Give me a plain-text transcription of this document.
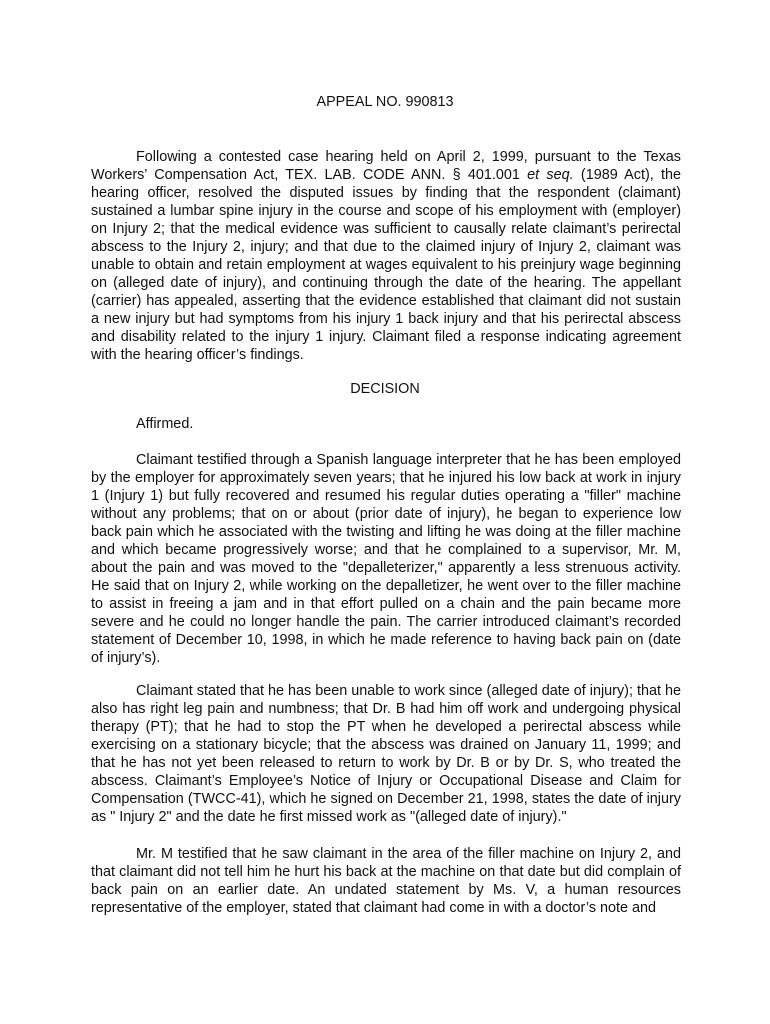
APPEAL NO. 990813

Following a contested case hearing held on April 2, 1999, pursuant to the Texas Workers’ Compensation Act, TEX. LAB. CODE ANN. § 401.001 et seq. (1989 Act), the hearing officer, resolved the disputed issues by finding that the respondent (claimant) sustained a lumbar spine injury in the course and scope of his employment with (employer) on Injury 2; that the medical evidence was sufficient to causally relate claimant’s perirectal abscess to the Injury 2, injury; and that due to the claimed injury of Injury 2, claimant was unable to obtain and retain employment at wages equivalent to his preinjury wage beginning on (alleged date of injury), and continuing through the date of the hearing. The appellant (carrier) has appealed, asserting that the evidence established that claimant did not sustain a new injury but had symptoms from his injury 1 back injury and that his perirectal abscess and disability related to the injury 1 injury. Claimant filed a response indicating agreement with the hearing officer’s findings.

DECISION

Affirmed.

Claimant testified through a Spanish language interpreter that he has been employed by the employer for approximately seven years; that he injured his low back at work in injury 1 (Injury 1) but fully recovered and resumed his regular duties operating a "filler" machine without any problems; that on or about (prior date of injury), he began to experience low back pain which he associated with the twisting and lifting he was doing at the filler machine and which became progressively worse; and that he complained to a supervisor, Mr. M, about the pain and was moved to the "depalleterizer," apparently a less strenuous activity. He said that on Injury 2, while working on the depalletizer, he went over to the filler machine to assist in freeing a jam and in that effort pulled on a chain and the pain became more severe and he could no longer handle the pain. The carrier introduced claimant’s recorded statement of December 10, 1998, in which he made reference to having back pain on (date of injury’s).

Claimant stated that he has been unable to work since (alleged date of injury); that he also has right leg pain and numbness; that Dr. B had him off work and undergoing physical therapy (PT); that he had to stop the PT when he developed a perirectal abscess while exercising on a stationary bicycle; that the abscess was drained on January 11, 1999; and that he has not yet been released to return to work by Dr. B or by Dr. S, who treated the abscess. Claimant’s Employee’s Notice of Injury or Occupational Disease and Claim for Compensation (TWCC-41), which he signed on December 21, 1998, states the date of injury as " Injury 2" and the date he first missed work as "(alleged date of injury)."

Mr. M testified that he saw claimant in the area of the filler machine on Injury 2, and that claimant did not tell him he hurt his back at the machine on that date but did complain of back pain on an earlier date. An undated statement by Ms. V, a human resources representative of the employer, stated that claimant had come in with a doctor’s note and
